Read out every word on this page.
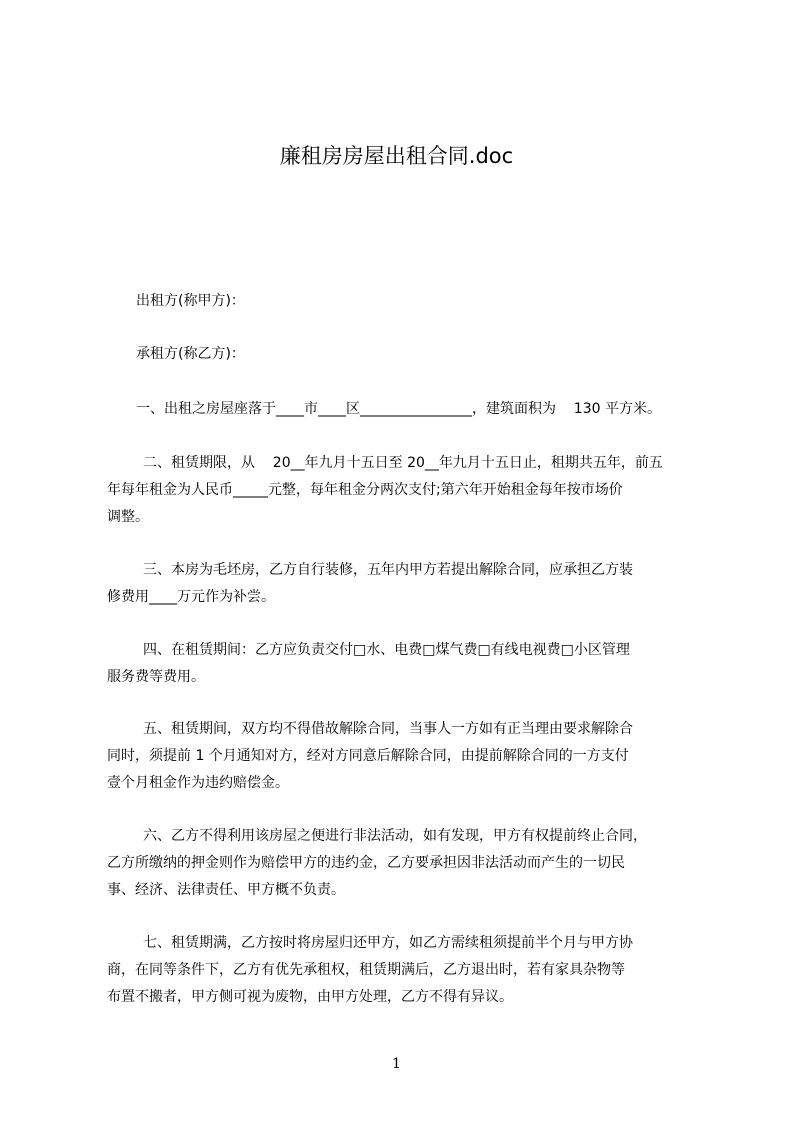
廉租房房屋出租合同.doc
出租方(称甲方)：
承租方(称乙方)：
一、出租之房屋座落于____市____区________________，建筑面积为    130 平方米。
二、租赁期限，从    20__年九月十五日至 20__年九月十五日止，租期共五年，前五
年每年租金为人民币_____元整，每年租金分两次支付;第六年开始租金每年按市场价
调整。
三、本房为毛坯房，乙方自行装修，五年内甲方若提出解除合同，应承担乙方装
修费用____万元作为补尝。
四、在租赁期间：乙方应负责交付□水、电费□煤气费□有线电视费□小区管理
服务费等费用。
五、租赁期间，双方均不得借故解除合同，当事人一方如有正当理由要求解除合
同时，须提前 1 个月通知对方，经对方同意后解除合同，由提前解除合同的一方支付
壹个月租金作为违约赔偿金。
六、乙方不得利用该房屋之便进行非法活动，如有发现，甲方有权提前终止合同，
乙方所缴纳的押金则作为赔偿甲方的违约金，乙方要承担因非法活动而产生的一切民
事、经济、法律责任、甲方概不负责。
七、租赁期满，乙方按时将房屋归还甲方，如乙方需续租须提前半个月与甲方协
商，在同等条件下，乙方有优先承租权，租赁期满后，乙方退出时，若有家具杂物等
布置不搬者，甲方侧可视为废物，由甲方处理，乙方不得有异议。
1
